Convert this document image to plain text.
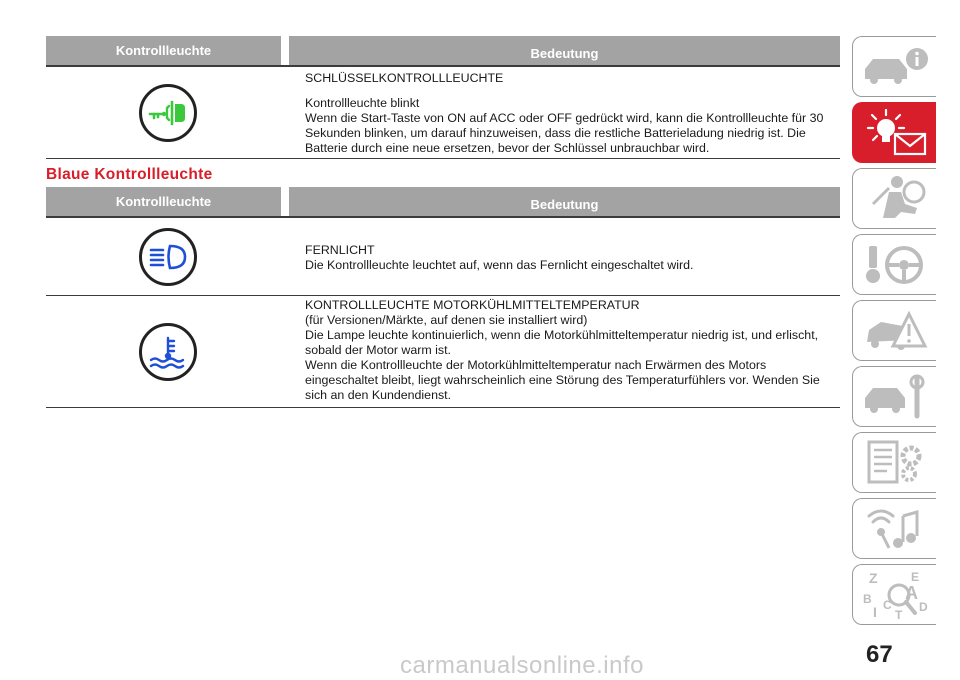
Kontrollleuchte	Bedeutung

SCHLÜSSELKONTROLLLEUCHTE

Kontrollleuchte blinkt

Wenn die Start-Taste von ON auf ACC oder OFF gedrückt wird, kann die Kontrollleuchte für 30 Sekunden blinken, um darauf hinzuweisen, dass die restliche Batterieladung niedrig ist. Die Batterie durch eine neue ersetzen, bevor der Schlüssel unbrauchbar wird.

Blaue Kontrollleuchte
Kontrollleuchte	Bedeutung

FERNLICHT

Die Kontrollleuchte leuchtet auf, wenn das Fernlicht eingeschaltet wird.

KONTROLLLEUCHTE MOTORKÜHLMITTELTEMPERATUR

(für Versionen/Märkte, auf denen sie installiert wird)

Die Lampe leuchte kontinuierlich, wenn die Motorkühlmitteltemperatur niedrig ist, und erlischt, sobald der Motor warm ist.

Wenn die Kontrollleuchte der Motorkühlmitteltemperatur nach Erwärmen des Motors eingeschaltet bleibt, liegt wahrscheinlich eine Störung des Temperaturfühlers vor. Wenden Sie sich an den Kundendienst.

Z	E
B A
C D
I T
67
carmanualsonline.info
